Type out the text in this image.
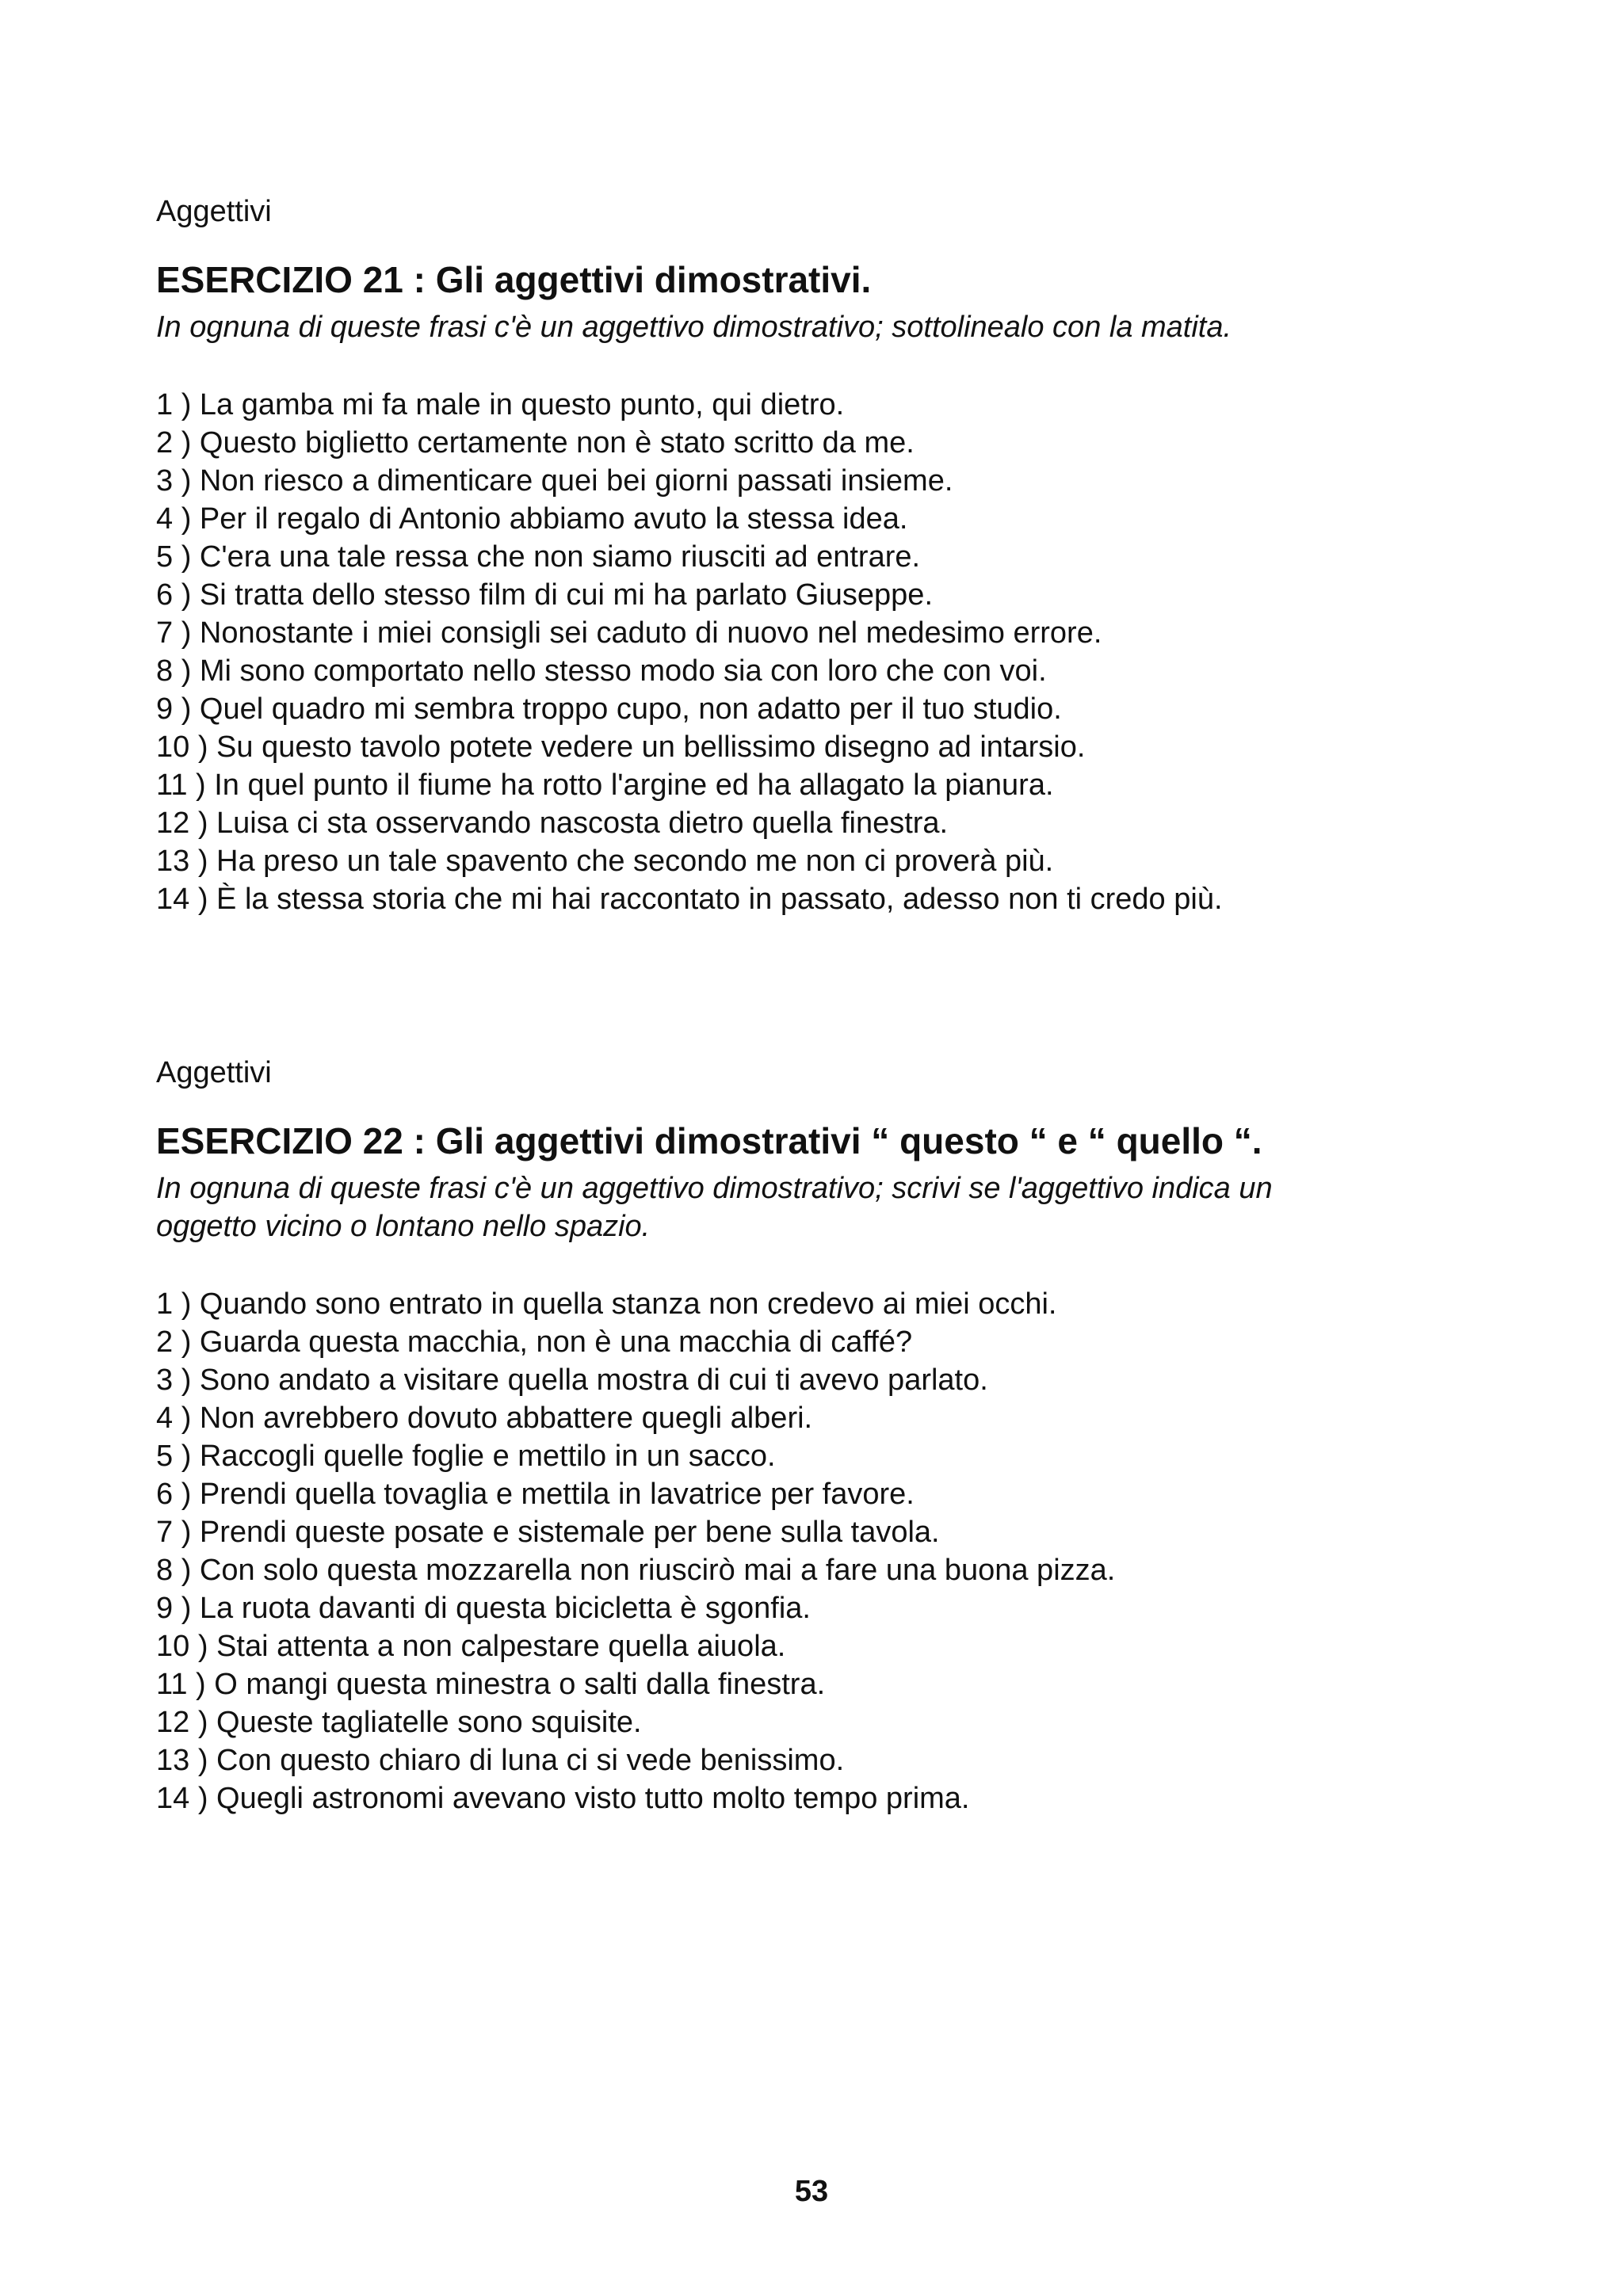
Aggettivi

ESERCIZIO 21 : Gli aggettivi dimostrativi.

In ognuna di queste frasi c'è un aggettivo dimostrativo; sottolinealo con la matita.

1 ) La gamba mi fa male in questo punto, qui dietro.
2 ) Questo biglietto certamente non è stato scritto da me.
3 ) Non riesco a dimenticare quei bei giorni passati insieme.
4 ) Per il regalo di Antonio abbiamo avuto la stessa idea.
5 ) C'era una tale ressa che non siamo riusciti ad entrare.
6 ) Si tratta dello stesso film di cui mi ha parlato Giuseppe.
7 ) Nonostante i miei consigli sei caduto di nuovo nel medesimo errore.
8 ) Mi sono comportato nello stesso modo sia con loro che con voi.
9 ) Quel quadro mi sembra troppo cupo, non adatto per il tuo studio.
10 ) Su questo tavolo potete vedere un bellissimo disegno ad intarsio.
11 ) In quel punto il fiume ha rotto l'argine ed ha allagato la pianura.
12 ) Luisa ci sta osservando nascosta dietro quella finestra.
13 ) Ha preso un tale spavento che secondo me non ci proverà più.
14 ) È la stessa storia che mi hai raccontato in passato, adesso non ti credo più.

Aggettivi

ESERCIZIO 22 : Gli aggettivi dimostrativi “ questo “ e “ quello “.

In ognuna di queste frasi c'è un aggettivo dimostrativo; scrivi se l'aggettivo indica un

oggetto vicino o lontano nello spazio.

1 ) Quando sono entrato in quella stanza non credevo ai miei occhi.
2 ) Guarda questa macchia, non è una macchia di caffé?
3 ) Sono andato a visitare quella mostra di cui ti avevo parlato.
4 ) Non avrebbero dovuto abbattere quegli alberi.
5 ) Raccogli quelle foglie e mettilo in un sacco.
6 ) Prendi quella tovaglia e mettila in lavatrice per favore.
7 ) Prendi queste posate e sistemale per bene sulla tavola.
8 ) Con solo questa mozzarella non riuscirò mai a fare una buona pizza.
9 ) La ruota davanti di questa bicicletta è sgonfia.
10 ) Stai attenta a non calpestare quella aiuola.
11 ) O mangi questa minestra o salti dalla finestra.
12 ) Queste tagliatelle sono squisite.
13 ) Con questo chiaro di luna ci si vede benissimo.
14 ) Quegli astronomi avevano visto tutto molto tempo prima.
53
